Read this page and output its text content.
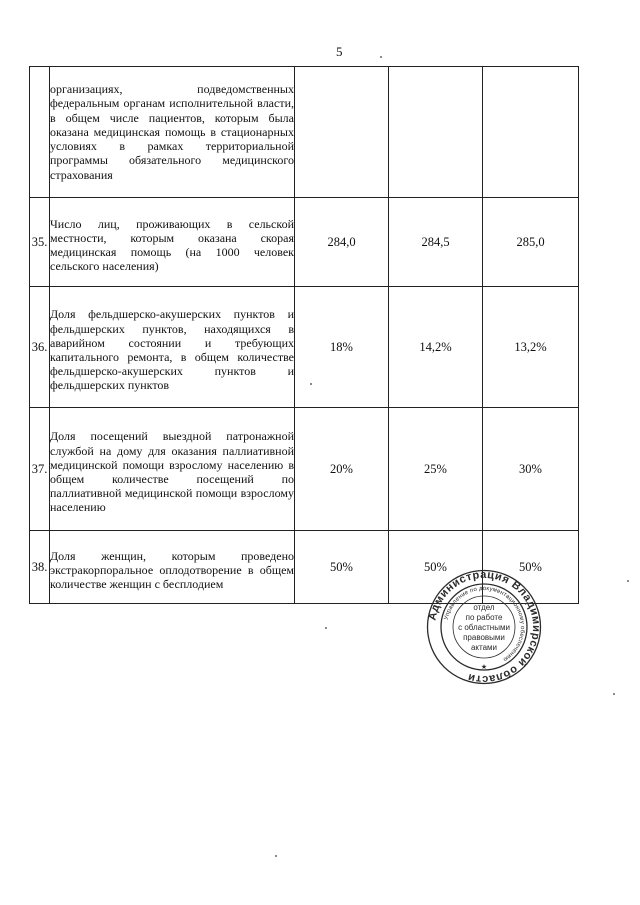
5

	организациях, подведомственных федеральным органам исполнительной власти, в общем числе пациентов, которым была оказана медицинская помощь в стационарных условиях в рамках территориальной программы обязательного медицинского страхования			

35.	Число лиц, проживающих в сельской местности, которым оказана скорая медицинская помощь (на 1000 человек сельского населения)	284,0	284,5	285,0
36.	Доля фельдшерско-акушерских пунктов и фельдшерских пунктов, находящихся в аварийном состоянии и требующих капитального ремонта, в общем количестве фельдшерско-акушерских пунктов и фельдшерских пунктов	18%	14,2%	13,2%
37.	Доля посещений выездной патронажной службой на дому для оказания паллиативной медицинской помощи взрослому населению в общем количестве посещений по паллиативной медицинской помощи взрослому населению	20%	25%	30%
38.	Доля женщин, которым проведено экстракорпоральное оплодотворение в общем количестве женщин с бесплодием	50%	50%	50%
Администрация Владимирской области
Управление по документационному обеспечению
отдел
по работе
с областными
правовыми
актами
★
